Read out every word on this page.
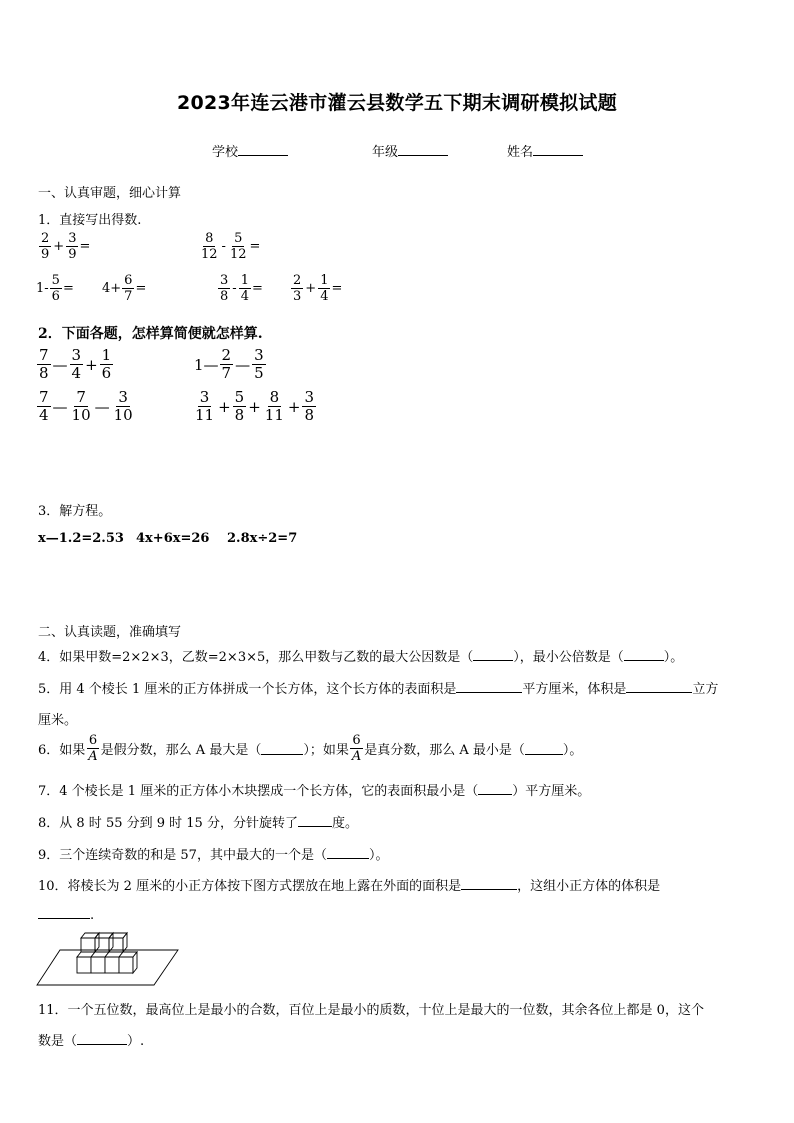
2023年连云港市灌云县数学五下期末调研模拟试题
学校	年级	姓名
一、认真审题，细心计算
1．直接写出得数.
$\frac{2}{9} + \frac{3}{9}$ =	$\frac{8}{12} - \frac{5}{12}$ =
$1- \frac{5}{6} = 4+ \frac{6}{7}$ =	$\frac{3}{8} - \frac{1}{4} = \frac{2}{3} + \frac{1}{4}$ =
2．下面各题，怎样算简便就怎样算.
$\frac{7}{8}$ — $\frac{3}{4} + \frac{1}{6}$	1— $\frac{2}{7}$ — $\frac{3}{5}$
$\frac{7}{4}$ — $\frac{7}{10}$ — $\frac{3}{10}$	$\frac{3}{11} + \frac{5}{8} + \frac{8}{11} + \frac{3}{8}$
3．解方程。
x—1.2=2.53 4x+6x=26 2.8x÷2=7
二、认真读题，准确填写
4．如果甲数=2×2×3，乙数=2×3×5，那么甲数与乙数的最大公因数是（	），最小公倍数是（	）。
5．用 4 个棱长 1 厘米的正方体拼成一个长方体，这个长方体的表面积是	平方厘米，体积是	立方
厘米。
6．如果 $\frac{6}{A}$ 是假分数，那么 A 最大是（	）；如果 $\frac{6}{A}$ 是真分数，那么 A 最小是（	）。
7．4 个棱长是 1 厘米的正方体小木块摆成一个长方体，它的表面积最小是（	）平方厘米。
8．从 8 时 55 分到 9 时 15 分，分针旋转了	度。
9．三个连续奇数的和是 57，其中最大的一个是（	）。
10．将棱长为 2 厘米的小正方体按下图方式摆放在地上露在外面的面积是	，这组小正方体的体积是
.
11．一个五位数，最高位上是最小的合数，百位上是最小的质数，十位上是最大的一位数，其余各位上都是 0，这个
数是（	）.
